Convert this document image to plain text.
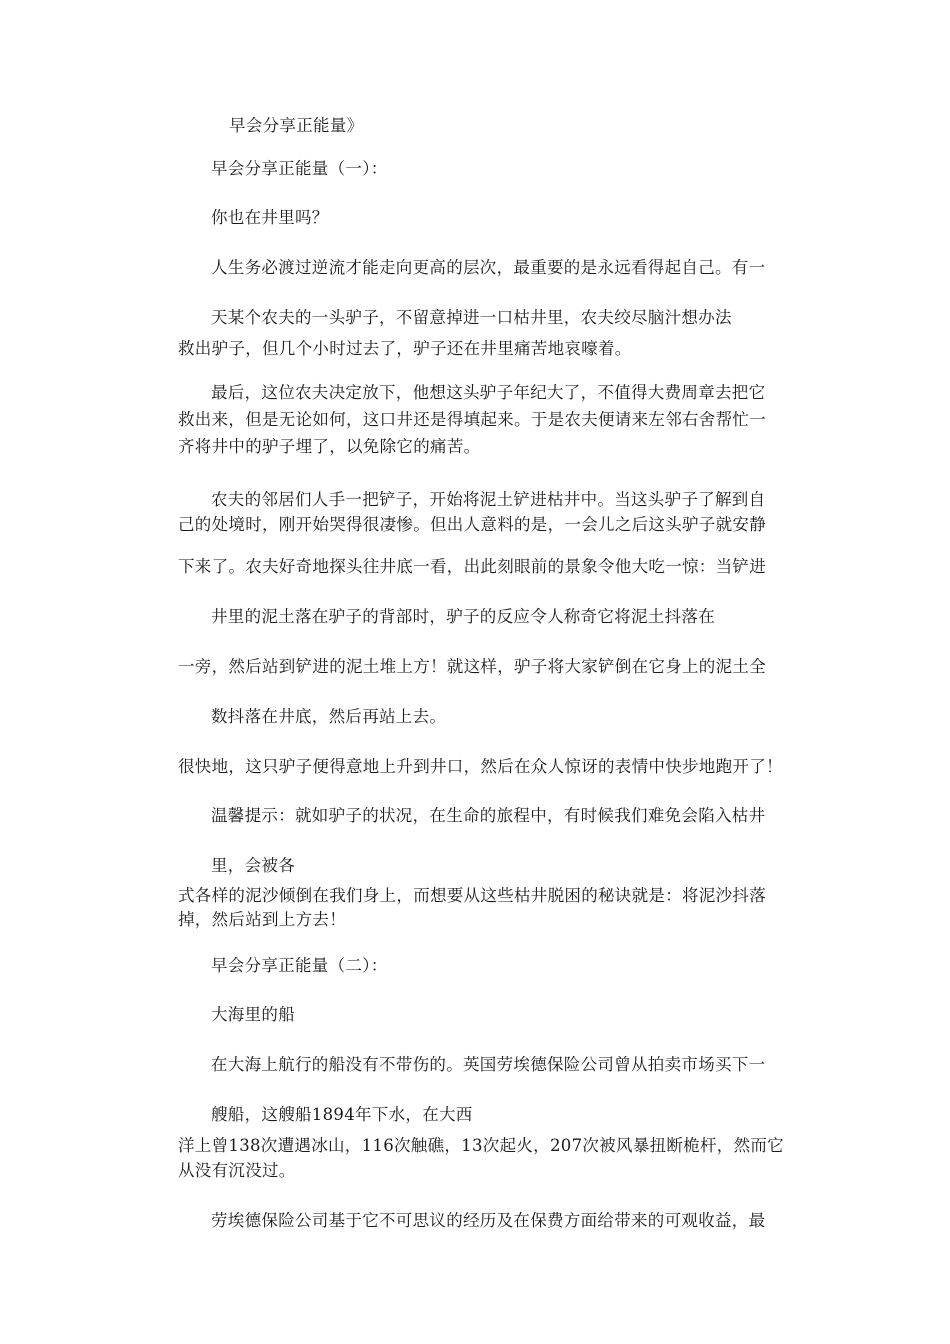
早会分享正能量》

早会分享正能量（一）：

你也在井里吗？

人生务必渡过逆流才能走向更高的层次，最重要的是永远看得起自己。有一

天某个农夫的一头驴子，不留意掉进一口枯井里，农夫绞尽脑汁想办法

救出驴子，但几个小时过去了，驴子还在井里痛苦地哀嚎着。

最后，这位农夫决定放下，他想这头驴子年纪大了，不值得大费周章去把它

救出来，但是无论如何，这口井还是得填起来。于是农夫便请来左邻右舍帮忙一

齐将井中的驴子埋了，以免除它的痛苦。

农夫的邻居们人手一把铲子，开始将泥土铲进枯井中。当这头驴子了解到自

己的处境时，刚开始哭得很凄惨。但出人意料的是，一会儿之后这头驴子就安静

下来了。农夫好奇地探头往井底一看，出此刻眼前的景象令他大吃一惊：当铲进

井里的泥土落在驴子的背部时，驴子的反应令人称奇它将泥土抖落在

一旁，然后站到铲进的泥土堆上方！就这样，驴子将大家铲倒在它身上的泥土全

数抖落在井底，然后再站上去。

很快地，这只驴子便得意地上升到井口，然后在众人惊讶的表情中快步地跑开了！

温馨提示：就如驴子的状况，在生命的旅程中，有时候我们难免会陷入枯井

里，会被各

式各样的泥沙倾倒在我们身上，而想要从这些枯井脱困的秘诀就是：将泥沙抖落

掉，然后站到上方去！

早会分享正能量（二）：

大海里的船

在大海上航行的船没有不带伤的。英国劳埃德保险公司曾从拍卖市场买下一

艘船，这艘船1894年下水，在大西

洋上曾138次遭遇冰山，116次触礁，13次起火，207次被风暴扭断桅杆，然而它

从没有沉没过。

劳埃德保险公司基于它不可思议的经历及在保费方面给带来的可观收益，最
